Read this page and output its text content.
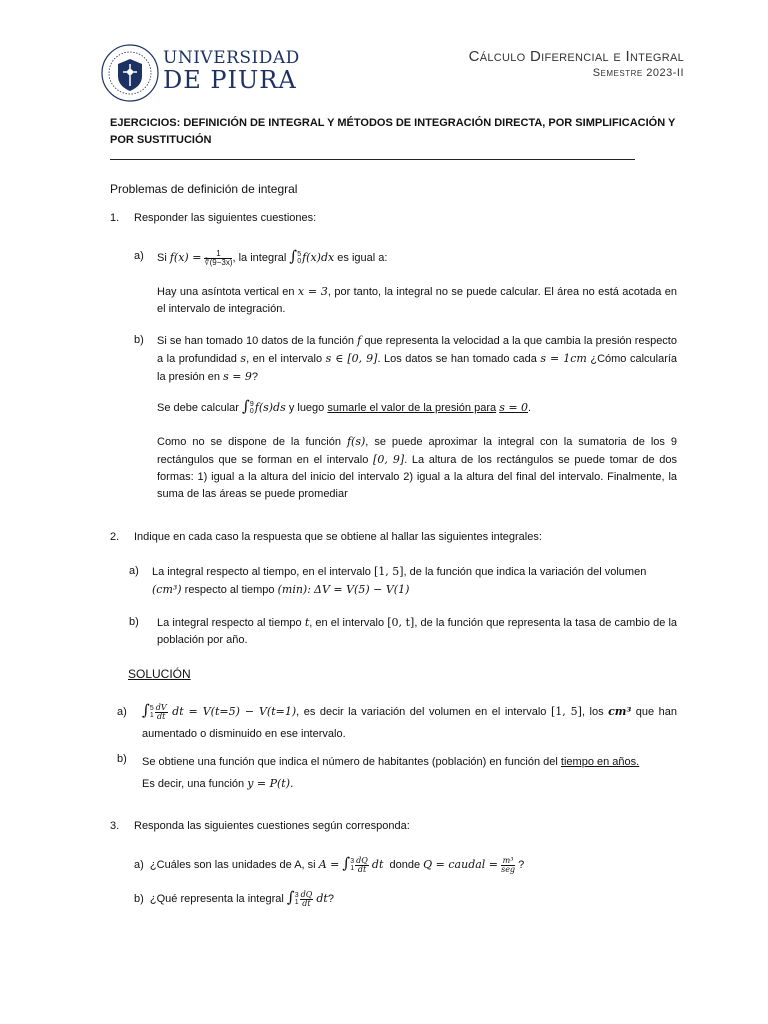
UNIVERSIDAD
DE PIURA
Cálculo Diferencial e Integral
Semestre 2023-II
EJERCICIOS: DEFINICIÓN DE INTEGRAL Y MÉTODOS DE INTEGRACIÓN DIRECTA, POR SIMPLIFICACIÓN Y POR SUSTITUCIÓN
Problemas de definición de integral
1. Responder las siguientes cuestiones:
a) Si $f(x) = \frac{1}{∛(9-3x)}$ , la integral ∫ 5
0 f(x)dx es igual a:
Hay una asíntota vertical en x = 3, por tanto, la integral no se puede calcular. El área no está acotada en el intervalo de integración.
b) Si se han tomado 10 datos de la función f que representa la velocidad a la que cambia la presión respecto a la profundidad s, en el intervalo s ∈ [0, 9]. Los datos se han tomado cada s = 1cm ¿Cómo calcularía la presión en s = 9?
Se debe calcular ∫ 9
0 f(s)ds y luego sumarle el valor de la presión para s = 0.
Como no se dispone de la función f(s), se puede aproximar la integral con la sumatoria de los 9 rectángulos que se forman en el intervalo [0, 9]. La altura de los rectángulos se puede tomar de dos formas: 1) igual a la altura del inicio del intervalo 2) igual a la altura del final del intervalo. Finalmente, la suma de las áreas se puede promediar
2. Indique en cada caso la respuesta que se obtiene al hallar las siguientes integrales:
a) La integral respecto al tiempo, en el intervalo [1, 5], de la función que indica la variación del volumen (cm³) respecto al tiempo (min): ΔV = V(5) − V(1)
b) La integral respecto al tiempo t, en el intervalo [0, t], de la función que representa la tasa de cambio de la población por año.
SOLUCIÓN
a) ∫ 5
$1 \frac{dV}{dt}$ dt = V(t=5) − V(t=1), es decir la variación del volumen en el intervalo [1, 5], los cm³ que han aumentado o disminuido en ese intervalo.
b) Se obtiene una función que indica el número de habitantes (población) en función del tiempo en años.
Es decir, una función y = P(t).
3. Responda las siguientes cuestiones según corresponda:
a) ¿Cuáles son las unidades de A, si A = ∫ 3
$1 \frac{dQ}{dt}$ dt donde Q = caudal = $\frac{\text{m³}}{\text{seg}}$ ?
b) ¿Qué representa la integral ∫ 3
$1 \frac{dQ}{dt}$ dt?
